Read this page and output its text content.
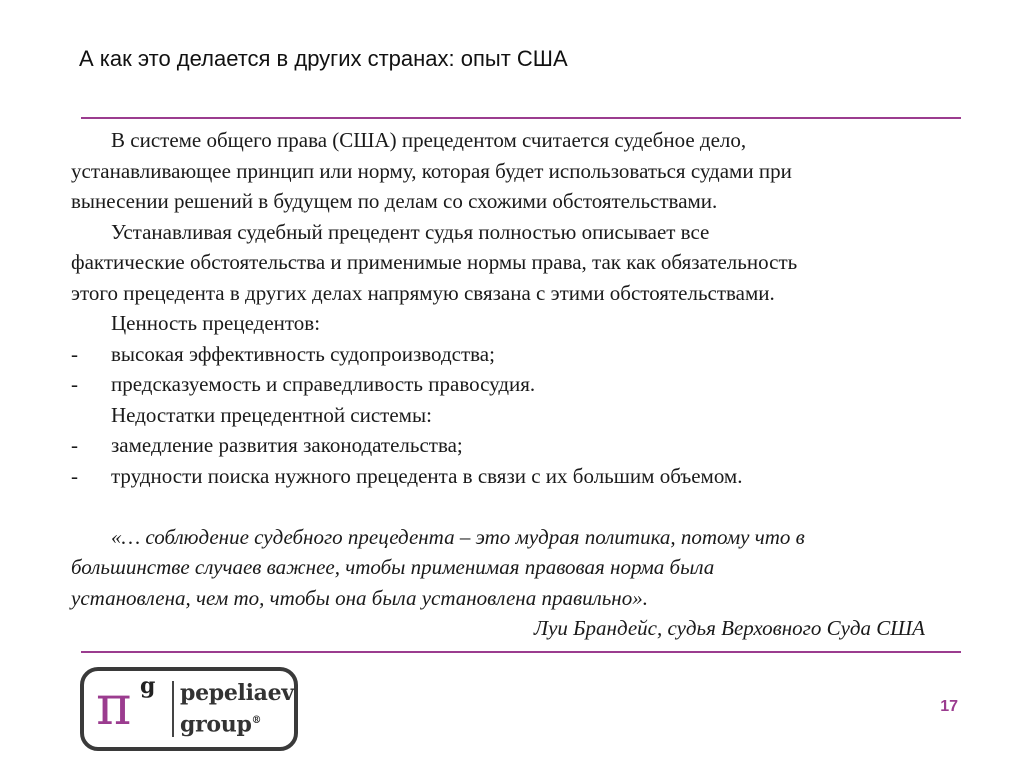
А как это делается в других странах: опыт США
В системе общего права (США) прецедентом считается судебное дело,
устанавливающее принцип или норму, которая будет использоваться судами при
вынесении решений в будущем по делам со схожими обстоятельствами.
Устанавливая судебный прецедент судья полностью описывает все
фактические обстоятельства и применимые нормы права, так как обязательность
этого прецедента в других делах напрямую связана с этими обстоятельствами.
Ценность прецедентов:
-	высокая эффективность судопроизводства;
-	предсказуемость и справедливость правосудия.
Недостатки прецедентной системы:
-	замедление развития законодательства;
-	трудности поиска нужного прецедента в связи с их большим объемом.
«… соблюдение судебного прецедента – это мудрая политика, потому что в
большинстве случаев важнее, чтобы применимая правовая норма была
установлена, чем то, чтобы она была установлена правильно».
Луи Брандейс, судья Верховного Суда США
π g pepeliaev
group®
17
